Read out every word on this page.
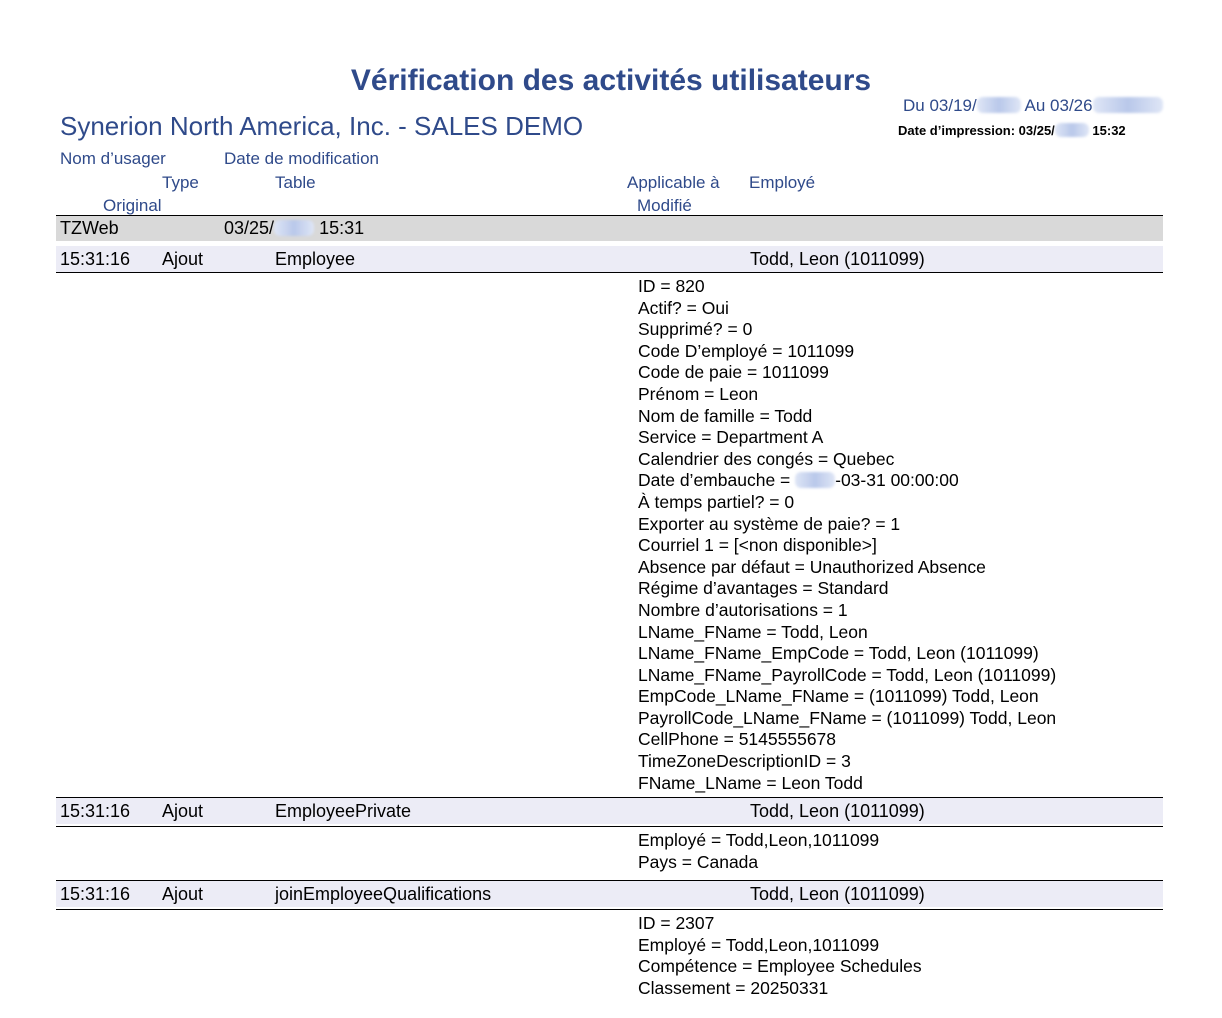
Vérification des activités utilisateurs
Synerion North America, Inc. - SALES DEMO
Du 03/19/	Au 03/26
Date d’impression: 03/25/	15:32
Nom d’usager	Date de modification
Type	Table	Applicable à Employé
Original	Modifié
TZWeb	03/25/	15:31
15:31:16 Ajout	Employee	Todd, Leon (1011099)
ID = 820
Actif? = Oui
Supprimé? = 0
Code D’employé = 1011099
Code de paie = 1011099
Prénom = Leon
Nom de famille = Todd
Service = Department A
Calendrier des congés = Quebec
Date d’embauche = -03-31 00:00:00
À temps partiel? = 0
Exporter au système de paie? = 1
Courriel 1 = [<non disponible>]
Absence par défaut = Unauthorized Absence
Régime d’avantages = Standard
Nombre d’autorisations = 1
LName_FName = Todd, Leon
LName_FName_EmpCode = Todd, Leon (1011099)
LName_FName_PayrollCode = Todd, Leon (1011099)
EmpCode_LName_FName = (1011099) Todd, Leon
PayrollCode_LName_FName = (1011099) Todd, Leon
CellPhone = 5145555678
TimeZoneDescriptionID = 3
FName_LName = Leon Todd
15:31:16 Ajout	EmployeePrivate	Todd, Leon (1011099)
Employé = Todd,Leon,1011099
Pays = Canada
15:31:16 Ajout	joinEmployeeQualifications	Todd, Leon (1011099)
ID = 2307
Employé = Todd,Leon,1011099
Compétence = Employee Schedules
Classement = 20250331
